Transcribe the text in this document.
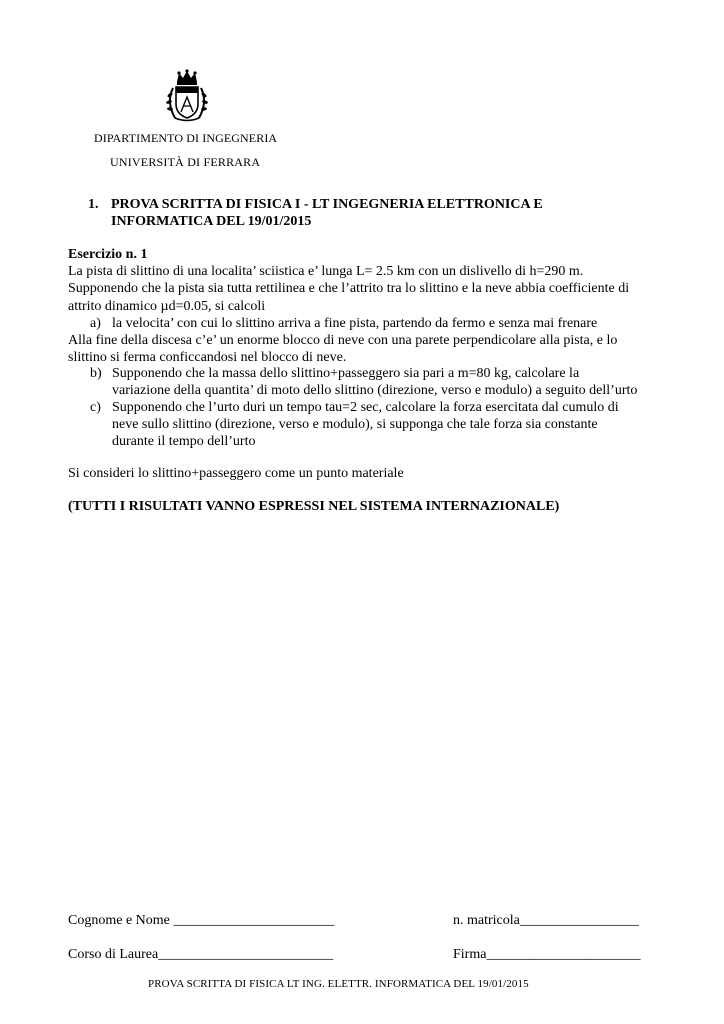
DIPARTIMENTO DI INGEGNERIA
UNIVERSITÀ DI FERRARA
1. PROVA SCRITTA DI FISICA I - LT INGEGNERIA ELETTRONICA E
INFORMATICA DEL 19/01/2015
Esercizio n. 1
La pista di slittino di una localita’ sciistica e’ lunga L= 2.5 km con un dislivello di h=290 m.
Supponendo che la pista sia tutta rettilinea e che l’attrito tra lo slittino e la neve abbia coefficiente di
attrito dinamico µd=0.05, si calcoli
a) la velocita’ con cui lo slittino arriva a fine pista, partendo da fermo e senza mai frenare
Alla fine della discesa c’e’ un enorme blocco di neve con una parete perpendicolare alla pista, e lo
slittino si ferma conficcandosi nel blocco di neve.
b) Supponendo che la massa dello slittino+passeggero sia pari a m=80 kg, calcolare la
variazione della quantita’ di moto dello slittino (direzione, verso e modulo) a seguito dell’urto
c) Supponendo che l’urto duri un tempo tau=2 sec, calcolare la forza esercitata dal cumulo di
neve sullo slittino (direzione, verso e modulo), si supponga che tale forza sia constante
durante il tempo dell’urto
Si consideri lo slittino+passeggero come un punto materiale
(TUTTI I RISULTATI VANNO ESPRESSI NEL SISTEMA INTERNAZIONALE)
Cognome e Nome _______________________	n. matricola_________________
Corso di Laurea_________________________	Firma______________________
PROVA SCRITTA DI FISICA LT ING. ELETTR. INFORMATICA DEL 19/01/2015
